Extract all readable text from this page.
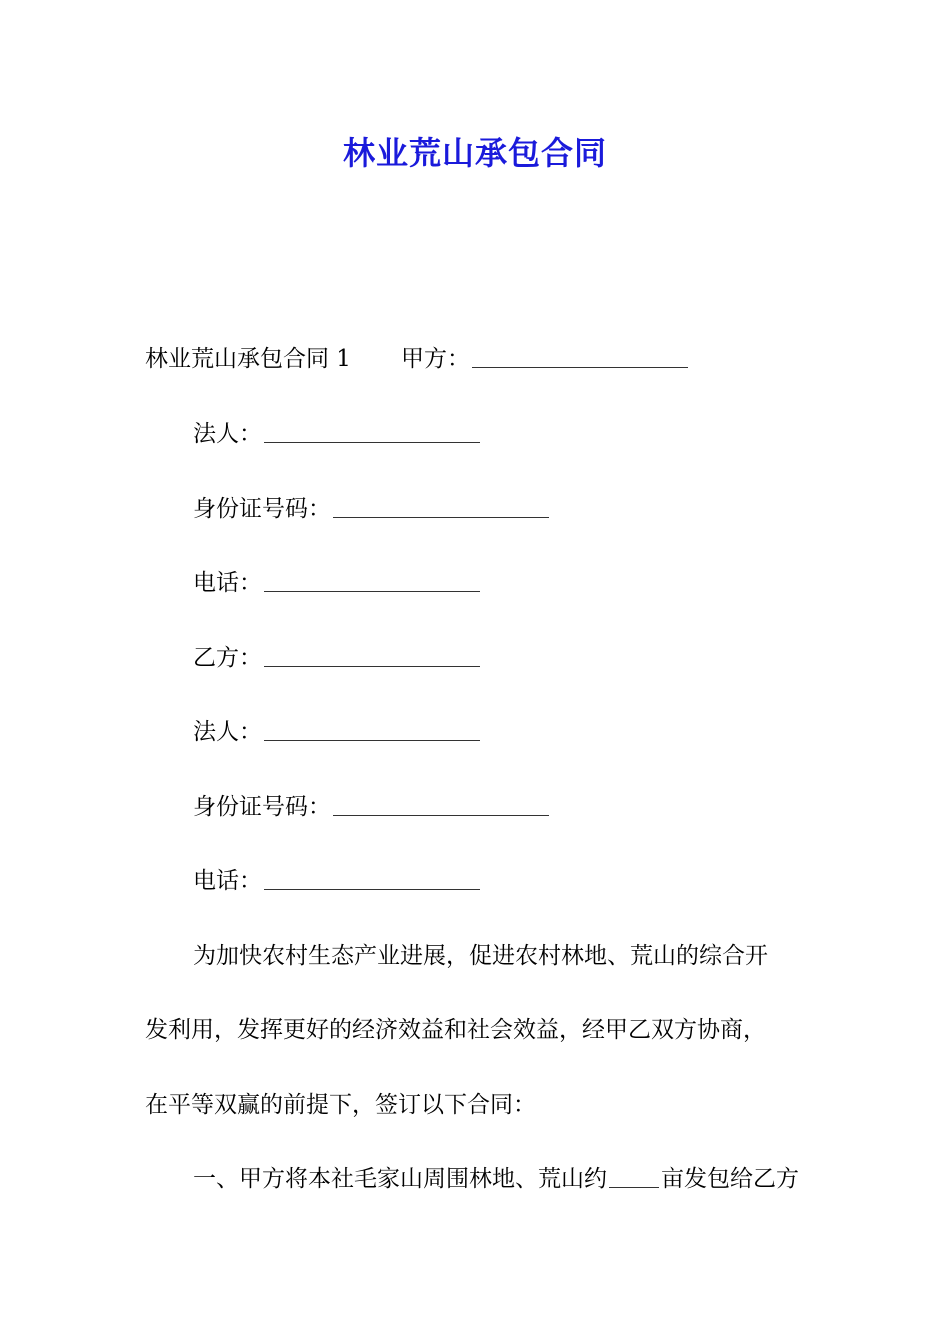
林业荒山承包合同
林业荒山承包合同 1 甲方：
法人：
身份证号码：
电话：
乙方：
法人：
身份证号码：
电话：
为加快农村生态产业进展，促进农村林地、荒山的综合开
发利用，发挥更好的经济效益和社会效益，经甲乙双方协商，
在平等双赢的前提下，签订以下合同：
一、甲方将本社毛家山周围林地、荒山约 亩发包给乙方
